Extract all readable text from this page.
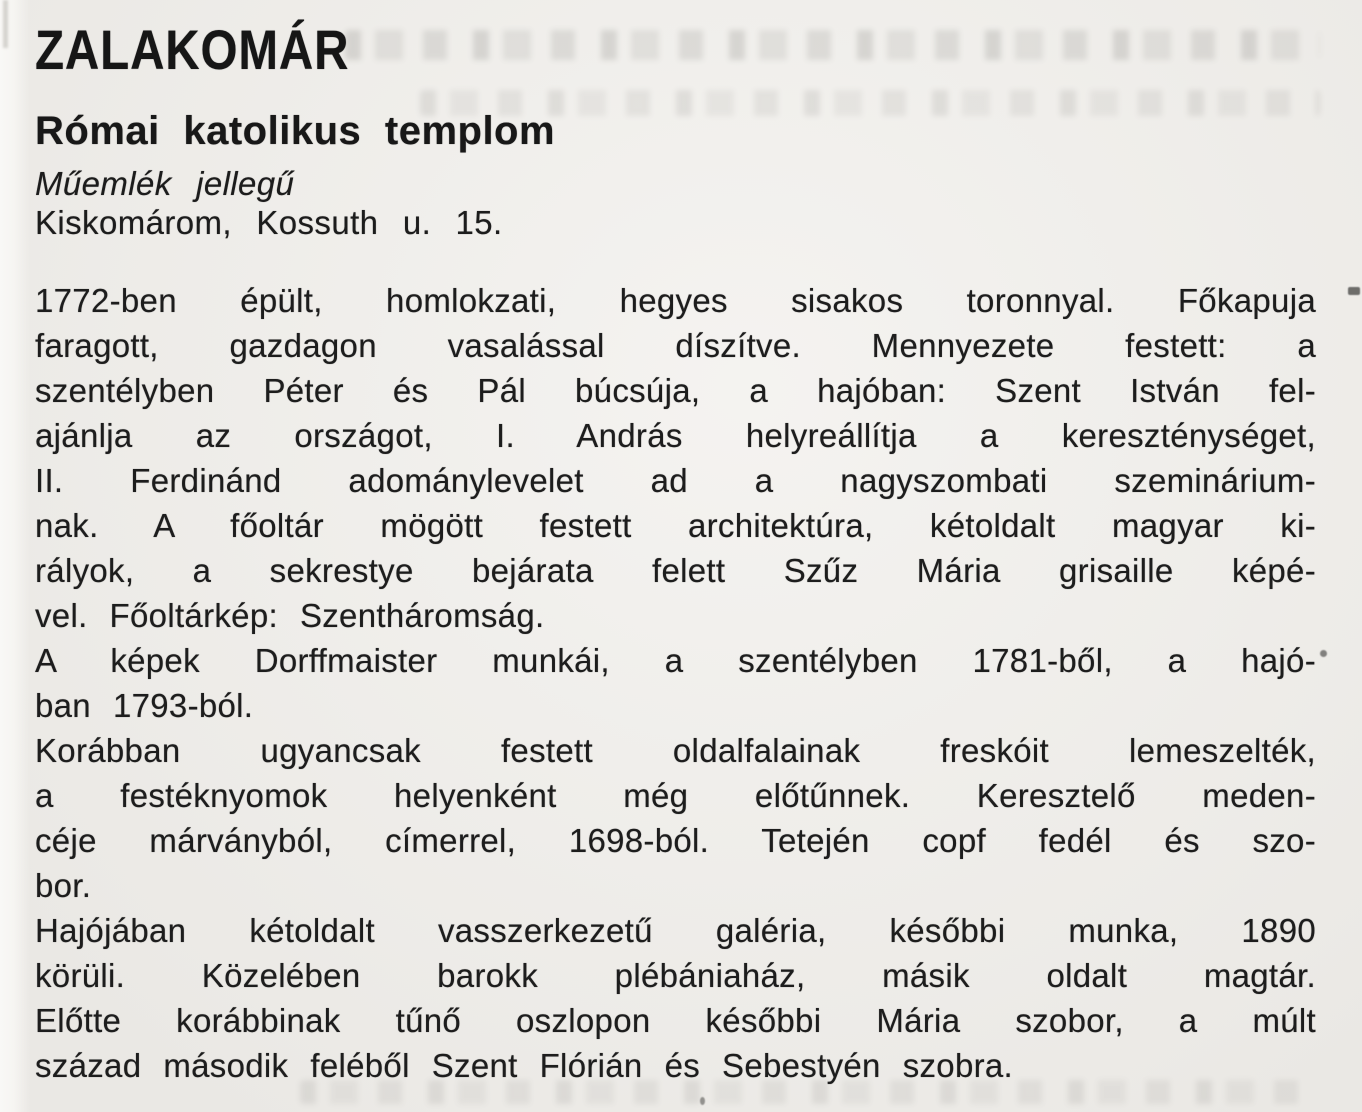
ZALAKOMÁR
Római katolikus templom

Műemlék jellegű

Kiskomárom, Kossuth u. 15.

1772-ben épült, homlokzati, hegyes sisakos toronnyal. Főkapuja
faragott, gazdagon vasalással díszítve. Mennyezete festett: a
szentélyben Péter és Pál búcsúja, a hajóban: Szent István fel-
ajánlja az országot, I. András helyreállítja a kereszténységet,
II. Ferdinánd adománylevelet ad a nagyszombati szeminárium-
nak. A főoltár mögött festett architektúra, kétoldalt magyar ki-
rályok, a sekrestye bejárata felett Szűz Mária grisaille képé-
vel. Főoltárkép: Szentháromság.
A képek Dorffmaister munkái, a szentélyben 1781-ből, a hajó-
ban 1793-ból.
Korábban ugyancsak festett oldalfalainak freskóit lemeszelték,
a festéknyomok helyenként még előtűnnek. Keresztelő meden-
céje márványból, címerrel, 1698-ból. Tetején copf fedél és szo-
bor.
Hajójában kétoldalt vasszerkezetű galéria, későbbi munka, 1890
körüli. Közelében barokk plébániaház, másik oldalt magtár.
Előtte korábbinak tűnő oszlopon későbbi Mária szobor, a múlt
század második feléből Szent Flórián és Sebestyén szobra.
